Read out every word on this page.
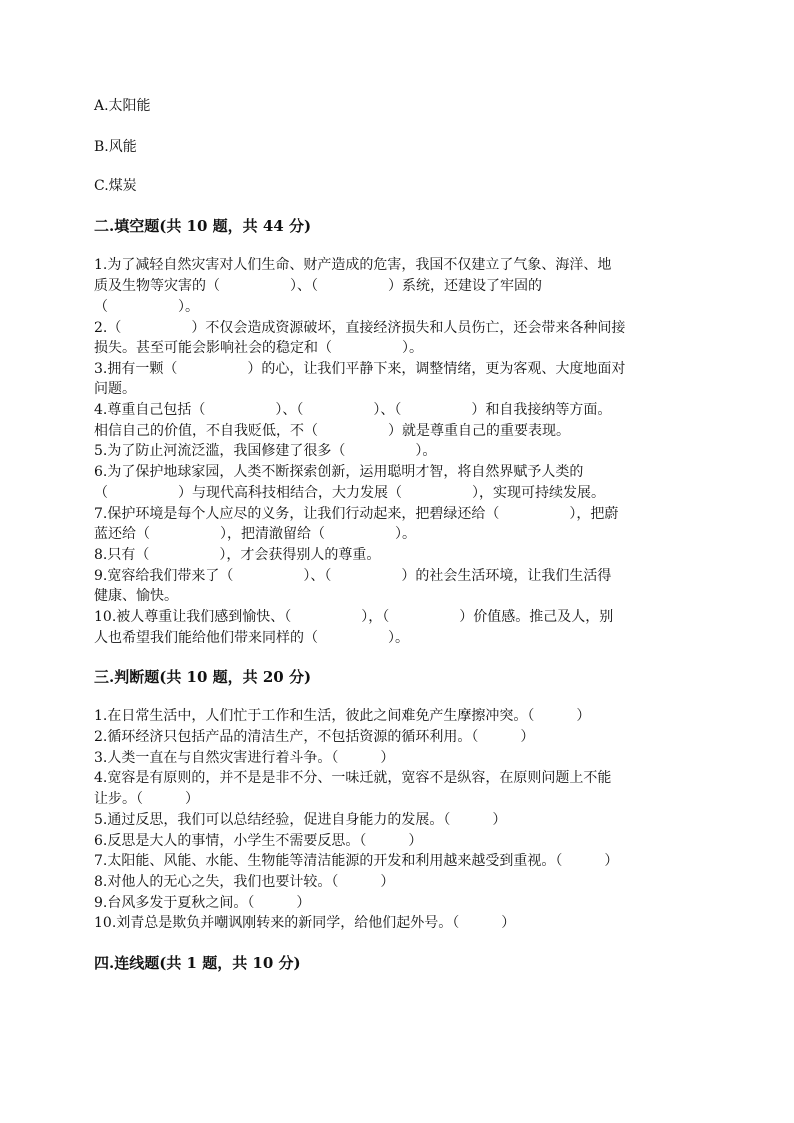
A.太阳能
B.风能
C.煤炭
二.填空题(共 10 题，共 44 分)
1.为了减轻自然灾害对人们生命、财产造成的危害，我国不仅建立了气象、海洋、地
质及生物等灾害的（　　　　　）、（　　　　　）系统，还建设了牢固的
（　　　　　）。
2.（　　　　　）不仅会造成资源破坏，直接经济损失和人员伤亡，还会带来各种间接
损失。甚至可能会影响社会的稳定和（　　　　　）。
3.拥有一颗（　　　　　）的心，让我们平静下来，调整情绪，更为客观、大度地面对
问题。
4.尊重自己包括（　　　　　）、（　　　　　）、（　　　　　）和自我接纳等方面。
相信自己的价值，不自我贬低，不（　　　　　）就是尊重自己的重要表现。
5.为了防止河流泛滥，我国修建了很多（　　　　　）。
6.为了保护地球家园，人类不断探索创新，运用聪明才智，将自然界赋予人类的
（　　　　　）与现代高科技相结合，大力发展（　　　　　），实现可持续发展。
7.保护环境是每个人应尽的义务，让我们行动起来，把碧绿还给（　　　　　），把蔚
蓝还给（　　　　　），把清澈留给（　　　　　）。
8.只有（　　　　　），才会获得别人的尊重。
9.宽容给我们带来了（　　　　　）、（　　　　　）的社会生活环境，让我们生活得
健康、愉快。
10.被人尊重让我们感到愉快、（　　　　　），（　　　　　）价值感。推己及人，别
人也希望我们能给他们带来同样的（　　　　　）。
三.判断题(共 10 题，共 20 分)
1.在日常生活中，人们忙于工作和生活，彼此之间难免产生摩擦冲突。（　　　）
2.循环经济只包括产品的清洁生产，不包括资源的循环利用。（　　　）
3.人类一直在与自然灾害进行着斗争。（　　　）
4.宽容是有原则的，并不是是非不分、一味迁就，宽容不是纵容，在原则问题上不能
让步。（　　　）
5.通过反思，我们可以总结经验，促进自身能力的发展。（　　　）
6.反思是大人的事情，小学生不需要反思。（　　　）
7.太阳能、风能、水能、生物能等清洁能源的开发和利用越来越受到重视。（　　　）
8.对他人的无心之失，我们也要计较。（　　　）
9.台风多发于夏秋之间。（　　　）
10.刘青总是欺负并嘲讽刚转来的新同学，给他们起外号。（　　　）
四.连线题(共 1 题，共 10 分)
